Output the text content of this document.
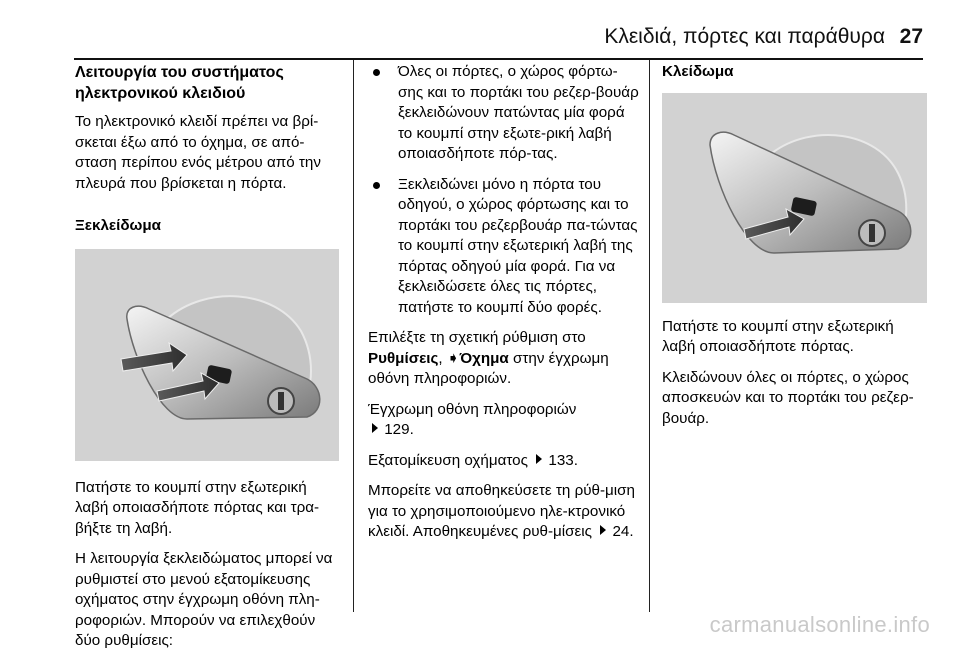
Κλειδιά, πόρτες και παράθυρα 27
Λειτουργία του συστήματος
ηλεκτρονικού κλειδιού

Το ηλεκτρονικό κλειδί πρέπει να βρί-σκεται έξω από το όχημα, σε από-σταση περίπου ενός μέτρου από την πλευρά που βρίσκεται η πόρτα.

Ξεκλείδωμα

Πατήστε το κουμπί στην εξωτερική λαβή οποιασδήποτε πόρτας και τρα-βήξτε τη λαβή.

Η λειτουργία ξεκλειδώματος μπορεί να ρυθμιστεί στο μενού εξατομίκευσης οχήματος στην έγχρωμη οθόνη πλη-ροφοριών. Μπορούν να επιλεχθούν δύο ρυθμίσεις:

Όλες οι πόρτες, ο χώρος φόρτω-σης και το πορτάκι του ρεζερ-βουάρ ξεκλειδώνουν πατώντας μία φορά το κουμπί στην εξωτε-ρική λαβή οποιασδήποτε πόρ-τας.
Ξεκλειδώνει μόνο η πόρτα του οδηγού, ο χώρος φόρτωσης και το πορτάκι του ρεζερβουάρ πα-τώντας το κουμπί στην εξωτερική λαβή της πόρτας οδηγού μία φορά. Για να ξεκλειδώσετε όλες τις πόρτες, πατήστε το κουμπί δύο φορές.

Επιλέξτε τη σχετική ρύθμιση στο Ρυθμίσεις, ➧Όχημα στην έγχρωμη οθόνη πληροφοριών.

Έγχρωμη οθόνη πληροφοριών
129.

Εξατομίκευση οχήματος 133.

Μπορείτε να αποθηκεύσετε τη ρύθ-μιση για το χρησιμοποιούμενο ηλε-κτρονικό κλειδί. Αποθηκευμένες ρυθ-μίσεις 24.

Κλείδωμα

Πατήστε το κουμπί στην εξωτερική λαβή οποιασδήποτε πόρτας.

Κλειδώνουν όλες οι πόρτες, ο χώρος αποσκευών και το πορτάκι του ρεζερ-βουάρ.

carmanualsonline.info
